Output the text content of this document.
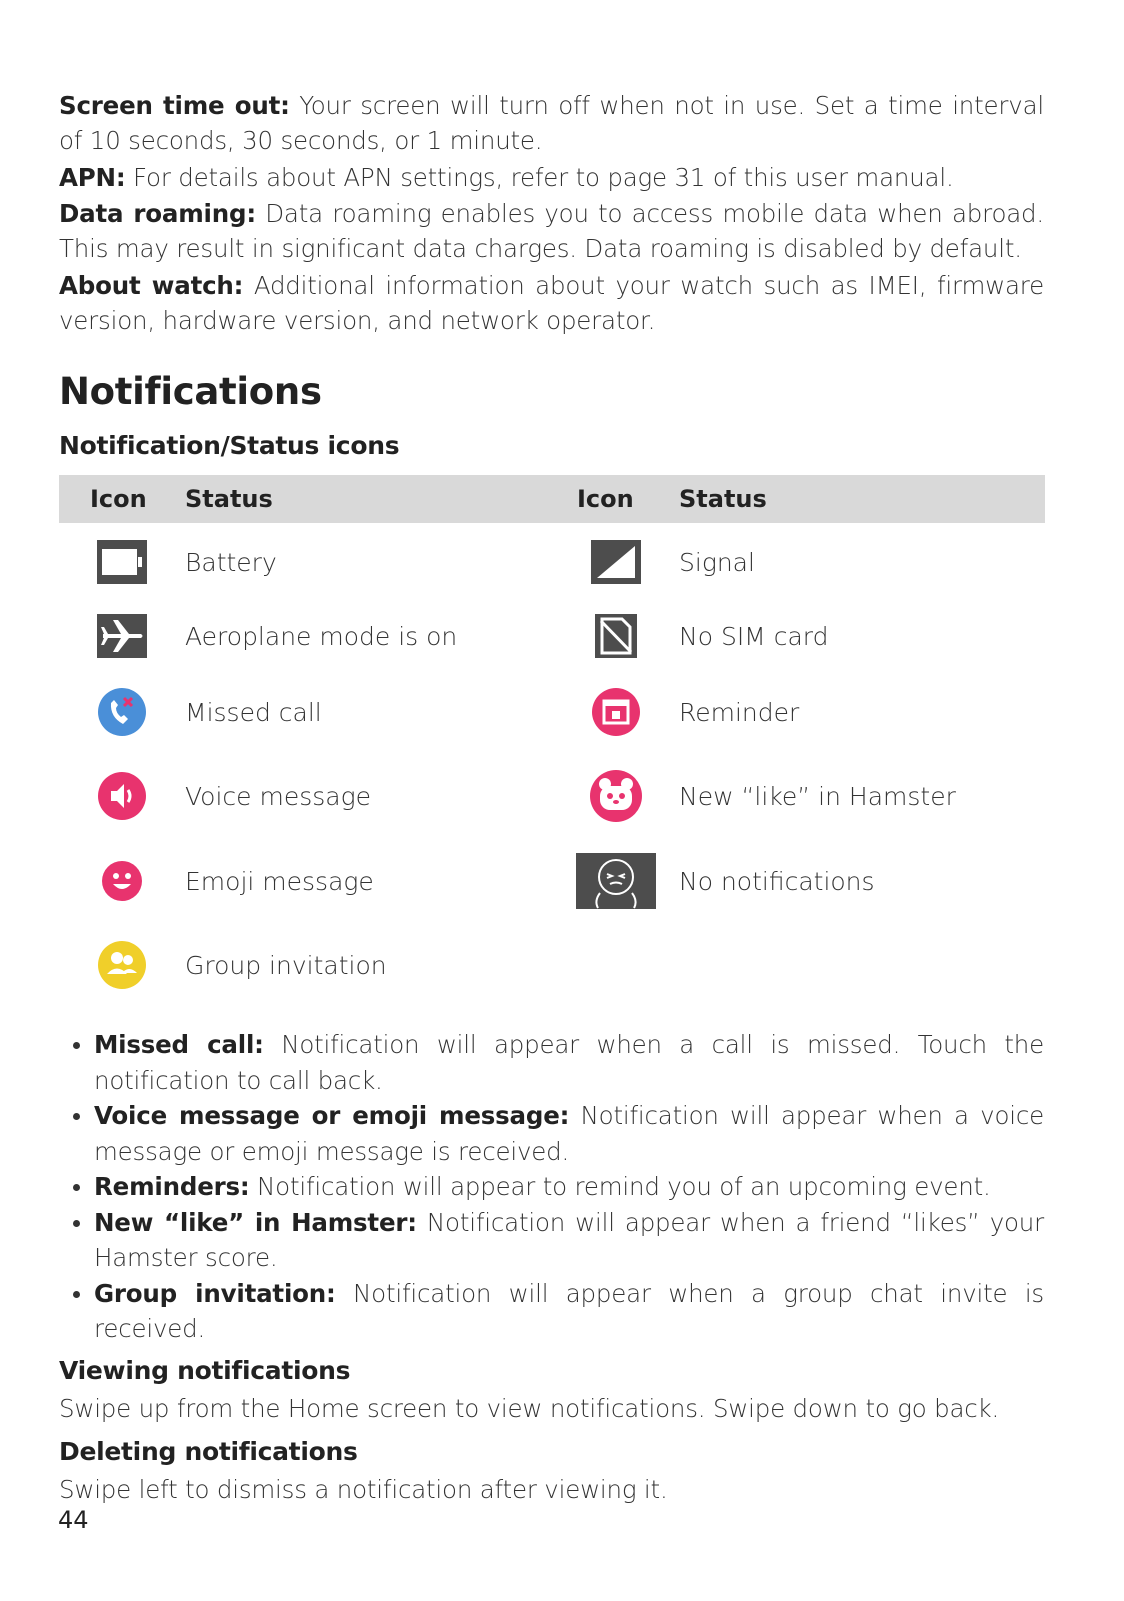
Screen time out: Your screen will turn off when not in use. Set a time interval of 10 seconds, 30 seconds, or 1 minute.

APN: For details about APN settings, refer to page 31 of this user manual.

Data roaming: Data roaming enables you to access mobile data when abroad. This may result in significant data charges. Data roaming is disabled by default.

About watch: Additional information about your watch such as IMEI, firmware version, hardware version, and network operator.

Notifications
Notification/Status icons
Icon	Status	Icon	Status

	Battery		Signal

	Aeroplane mode is on		No SIM card

	Missed call		Reminder

	Voice message		New “like” in Hamster

	Emoji message		No notifications

	Group invitation		
Missed call: Notification will appear when a call is missed. Touch the notification to call back.
Voice message or emoji message: Notification will appear when a voice message or emoji message is received.
Reminders: Notification will appear to remind you of an upcoming event.
New “like” in Hamster: Notification will appear when a friend “likes” your Hamster score.
Group invitation: Notification will appear when a group chat invite is received.
Viewing notifications

Swipe up from the Home screen to view notifications. Swipe down to go back.

Deleting notifications

Swipe left to dismiss a notification after viewing it.

44
